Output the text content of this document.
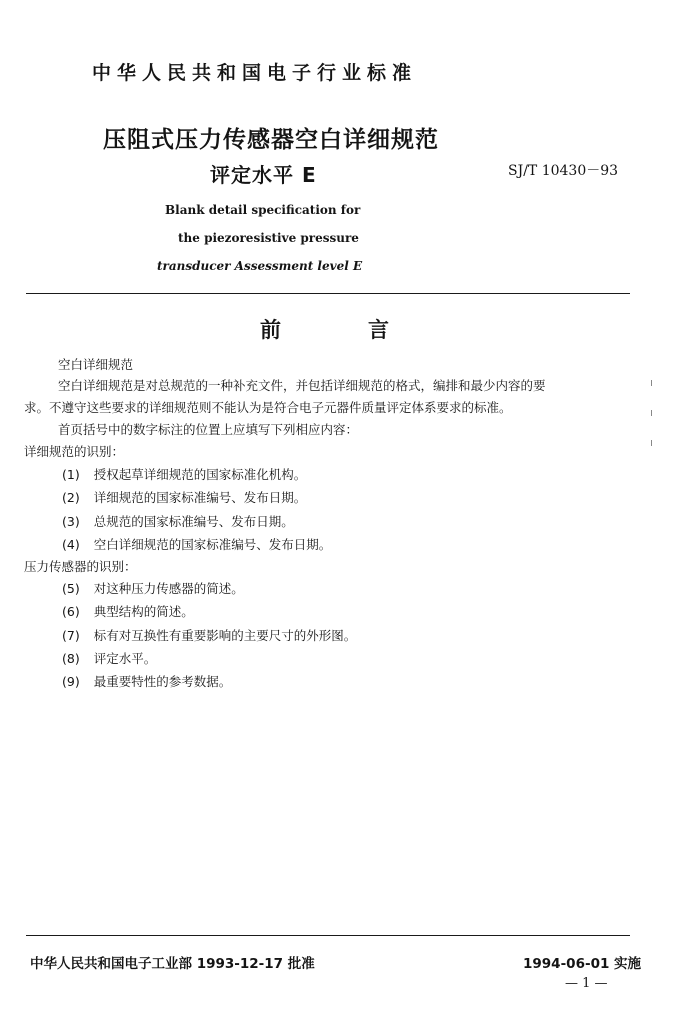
中华人民共和国电子行业标准
压阻式压力传感器空白详细规范
评定水平 E	SJ/T 10430－93
Blank detail specification for
the piezoresistive pressure
transducer Assessment level E
前	言
空白详细规范
空白详细规范是对总规范的一种补充文件，并包括详细规范的格式，编排和最少内容的要
求。不遵守这些要求的详细规范则不能认为是符合电子元器件质量评定体系要求的标准。
首页括号中的数字标注的位置上应填写下列相应内容：
详细规范的识别：
(1) 授权起草详细规范的国家标准化机构。
(2) 详细规范的国家标准编号、发布日期。
(3) 总规范的国家标准编号、发布日期。
(4) 空白详细规范的国家标准编号、发布日期。
压力传感器的识别：
(5) 对这种压力传感器的简述。
(6) 典型结构的简述。
(7) 标有对互换性有重要影响的主要尺寸的外形图。
(8) 评定水平。
(9) 最重要特性的参考数据。
中华人民共和国电子工业部 1993-12-17 批准	1994-06-01 实施
— 1 —
